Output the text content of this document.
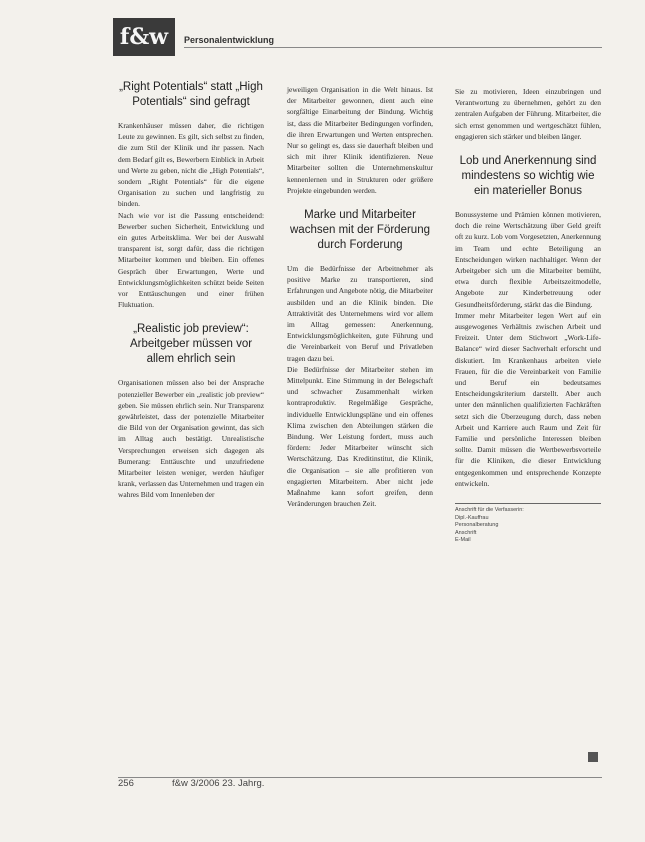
f&w	Personalentwicklung
„Right Potentials“ statt „High Potentials“ sind gefragt

Krankenhäuser müssen daher, die richtigen Leute zu gewinnen. Es gilt, sich selbst zu finden, die zum Stil der Klinik und ihr passen. Nach dem Bedarf gilt es, Bewerbern Einblick in Arbeit und Werte zu geben, nicht die „High Potentials“, sondern „Right Potentials“ für die eigene Organisation zu suchen und langfristig zu binden.

Nach wie vor ist die Passung entscheidend: Bewerber suchen Sicherheit, Entwicklung und ein gutes Arbeitsklima. Wer bei der Auswahl transparent ist, sorgt dafür, dass die richtigen Mitarbeiter kommen und bleiben. Ein offenes Gespräch über Erwartungen, Werte und Entwicklungsmöglichkeiten schützt beide Seiten vor Enttäuschungen und einer frühen Fluktuation.

„Realistic job preview“: Arbeitgeber müssen vor allem ehrlich sein

Organisationen müssen also bei der Ansprache potenzieller Bewerber ein „realistic job preview“ geben. Sie müssen ehrlich sein. Nur Transparenz gewährleistet, dass der potenzielle Mitarbeiter die Bild von der Organisation gewinnt, das sich im Alltag auch bestätigt. Unrealistische Versprechungen erweisen sich dagegen als Bumerang: Enttäuschte und unzufriedene Mitarbeiter leisten weniger, werden häufiger krank, verlassen das Unternehmen und tragen ein wahres Bild vom Innenleben der

jeweiligen Organisation in die Welt hinaus. Ist der Mitarbeiter gewonnen, dient auch eine sorgfältige Einarbeitung der Bindung. Wichtig ist, dass die Mitarbeiter Bedingungen vorfinden, die ihren Erwartungen und Werten entsprechen. Nur so gelingt es, dass sie dauerhaft bleiben und sich mit ihrer Klinik identifizieren. Neue Mitarbeiter sollten die Unternehmenskultur kennenlernen und in Strukturen oder größere Projekte eingebunden werden.

Marke und Mitarbeiter wachsen mit der Förderung durch Forderung

Um die Bedürfnisse der Arbeitnehmer als positive Marke zu transportieren, sind Erfahrungen und Angebote nötig, die Mitarbeiter ausbilden und an die Klinik binden. Die Attraktivität des Unternehmens wird vor allem im Alltag gemessen: Anerkennung, Entwicklungsmöglichkeiten, gute Führung und die Vereinbarkeit von Beruf und Privatleben tragen dazu bei.

Die Bedürfnisse der Mitarbeiter stehen im Mittelpunkt. Eine Stimmung in der Belegschaft und schwacher Zusammenhalt wirken kontraproduktiv. Regelmäßige Gespräche, individuelle Entwicklungspläne und ein offenes Klima zwischen den Abteilungen stärken die Bindung. Wer Leistung fordert, muss auch fördern: Jeder Mitarbeiter wünscht sich Wertschätzung. Das Kreditinstitut, die Klinik, die Organisation – sie alle profitieren von engagierten Mitarbeitern. Aber nicht jede Maßnahme kann sofort greifen, denn Veränderungen brauchen Zeit.

Sie zu motivieren, Ideen einzubringen und Verantwortung zu übernehmen, gehört zu den zentralen Aufgaben der Führung. Mitarbeiter, die sich ernst genommen und wertgeschätzt fühlen, engagieren sich stärker und bleiben länger.

Lob und Anerkennung sind mindestens so wichtig wie ein materieller Bonus

Bonussysteme und Prämien können motivieren, doch die reine Wertschätzung über Geld greift oft zu kurz. Lob vom Vorgesetzten, Anerkennung im Team und echte Beteiligung an Entscheidungen wirken nachhaltiger. Wenn der Arbeitgeber sich um die Mitarbeiter bemüht, etwa durch flexible Arbeitszeitmodelle, Angebote zur Kinderbetreuung oder Gesundheitsförderung, stärkt das die Bindung.

Immer mehr Mitarbeiter legen Wert auf ein ausgewogenes Verhältnis zwischen Arbeit und Freizeit. Unter dem Stichwort „Work-Life-Balance“ wird dieser Sachverhalt erforscht und diskutiert. Im Krankenhaus arbeiten viele Frauen, für die die Vereinbarkeit von Familie und Beruf ein bedeutsames Entscheidungskriterium darstellt. Aber auch unter den männlichen qualifizierten Fachkräften setzt sich die Überzeugung durch, dass neben Arbeit und Karriere auch Raum und Zeit für Familie und persönliche Interessen bleiben sollte. Damit müssen die Wertbewerbsvorteile für die Kliniken, die dieser Entwicklung entgegenkommen und entsprechende Konzepte entwickeln.

Anschrift für die Verfasserin:
Dipl.-Kauffrau
Personalberatung
Anschrift
E-Mail
256	f&w 3/2006 23. Jahrg.
